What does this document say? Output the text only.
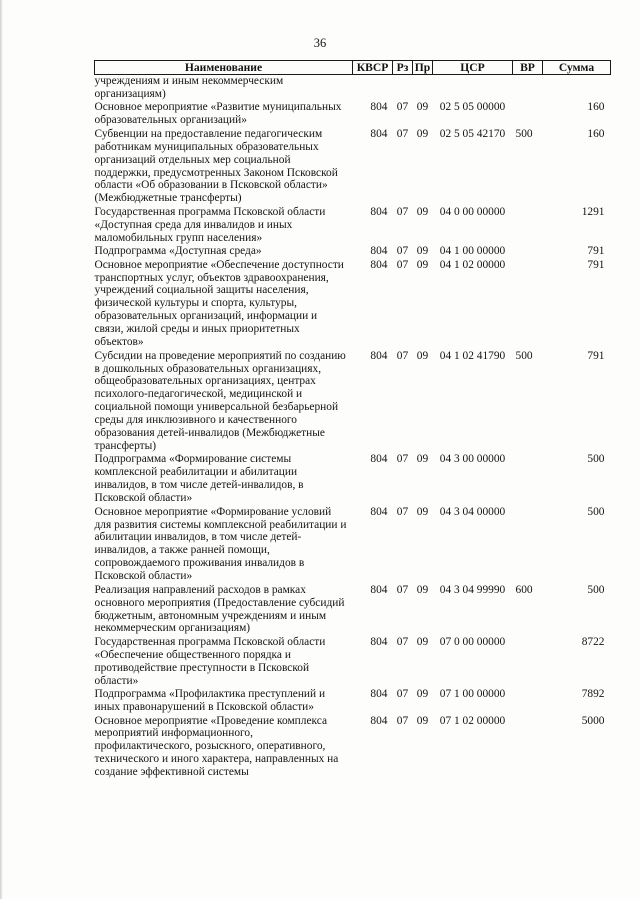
36
Наименование	КВСР	Рз	Пр	ЦСР	ВР	Сумма
учреждениям и иным некоммерческим организациям)						
Основное мероприятие «Развитие муниципальных образовательных организаций»	804	07	09	02 5 05 00000		160
Субвенции на предоставление педагогическим работникам муниципальных образовательных организаций отдельных мер социальной поддержки, предусмотренных Законом Псковской области «Об образовании в Псковской области» (Межбюджетные трансферты)	804	07	09	02 5 05 42170	500	160
Государственная программа Псковской области «Доступная среда для инвалидов и иных маломобильных групп населения»	804	07	09	04 0 00 00000		1291
Подпрограмма «Доступная среда»	804	07	09	04 1 00 00000		791
Основное мероприятие «Обеспечение доступности транспортных услуг, объектов здравоохранения, учреждений социальной защиты населения, физической культуры и спорта, культуры, образовательных организаций, информации и связи, жилой среды и иных приоритетных объектов»	804	07	09	04 1 02 00000		791
Субсидии на проведение мероприятий по созданию в дошкольных образовательных организациях, общеобразовательных организациях, центрах психолого-педагогической, медицинской и социальной помощи универсальной безбарьерной среды для инклюзивного и качественного образования детей-инвалидов (Межбюджетные трансферты)	804	07	09	04 1 02 41790	500	791
Подпрограмма «Формирование системы комплексной реабилитации и абилитации инвалидов, в том числе детей-инвалидов, в Псковской области»	804	07	09	04 3 00 00000		500
Основное мероприятие «Формирование условий для развития системы комплексной реабилитации и абилитации инвалидов, в том числе детей-инвалидов, а также ранней помощи, сопровождаемого проживания инвалидов в Псковской области»	804	07	09	04 3 04 00000		500
Реализация направлений расходов в рамках основного мероприятия (Предоставление субсидий бюджетным, автономным учреждениям и иным некоммерческим организациям)	804	07	09	04 3 04 99990	600	500
Государственная программа Псковской области «Обеспечение общественного порядка и противодействие преступности в Псковской области»	804	07	09	07 0 00 00000		8722
Подпрограмма «Профилактика преступлений и иных правонарушений в Псковской области»	804	07	09	07 1 00 00000		7892
Основное мероприятие «Проведение комплекса мероприятий информационного, профилактического, розыскного, оперативного, технического и иного характера, направленных на создание эффективной системы	804	07	09	07 1 02 00000		5000
